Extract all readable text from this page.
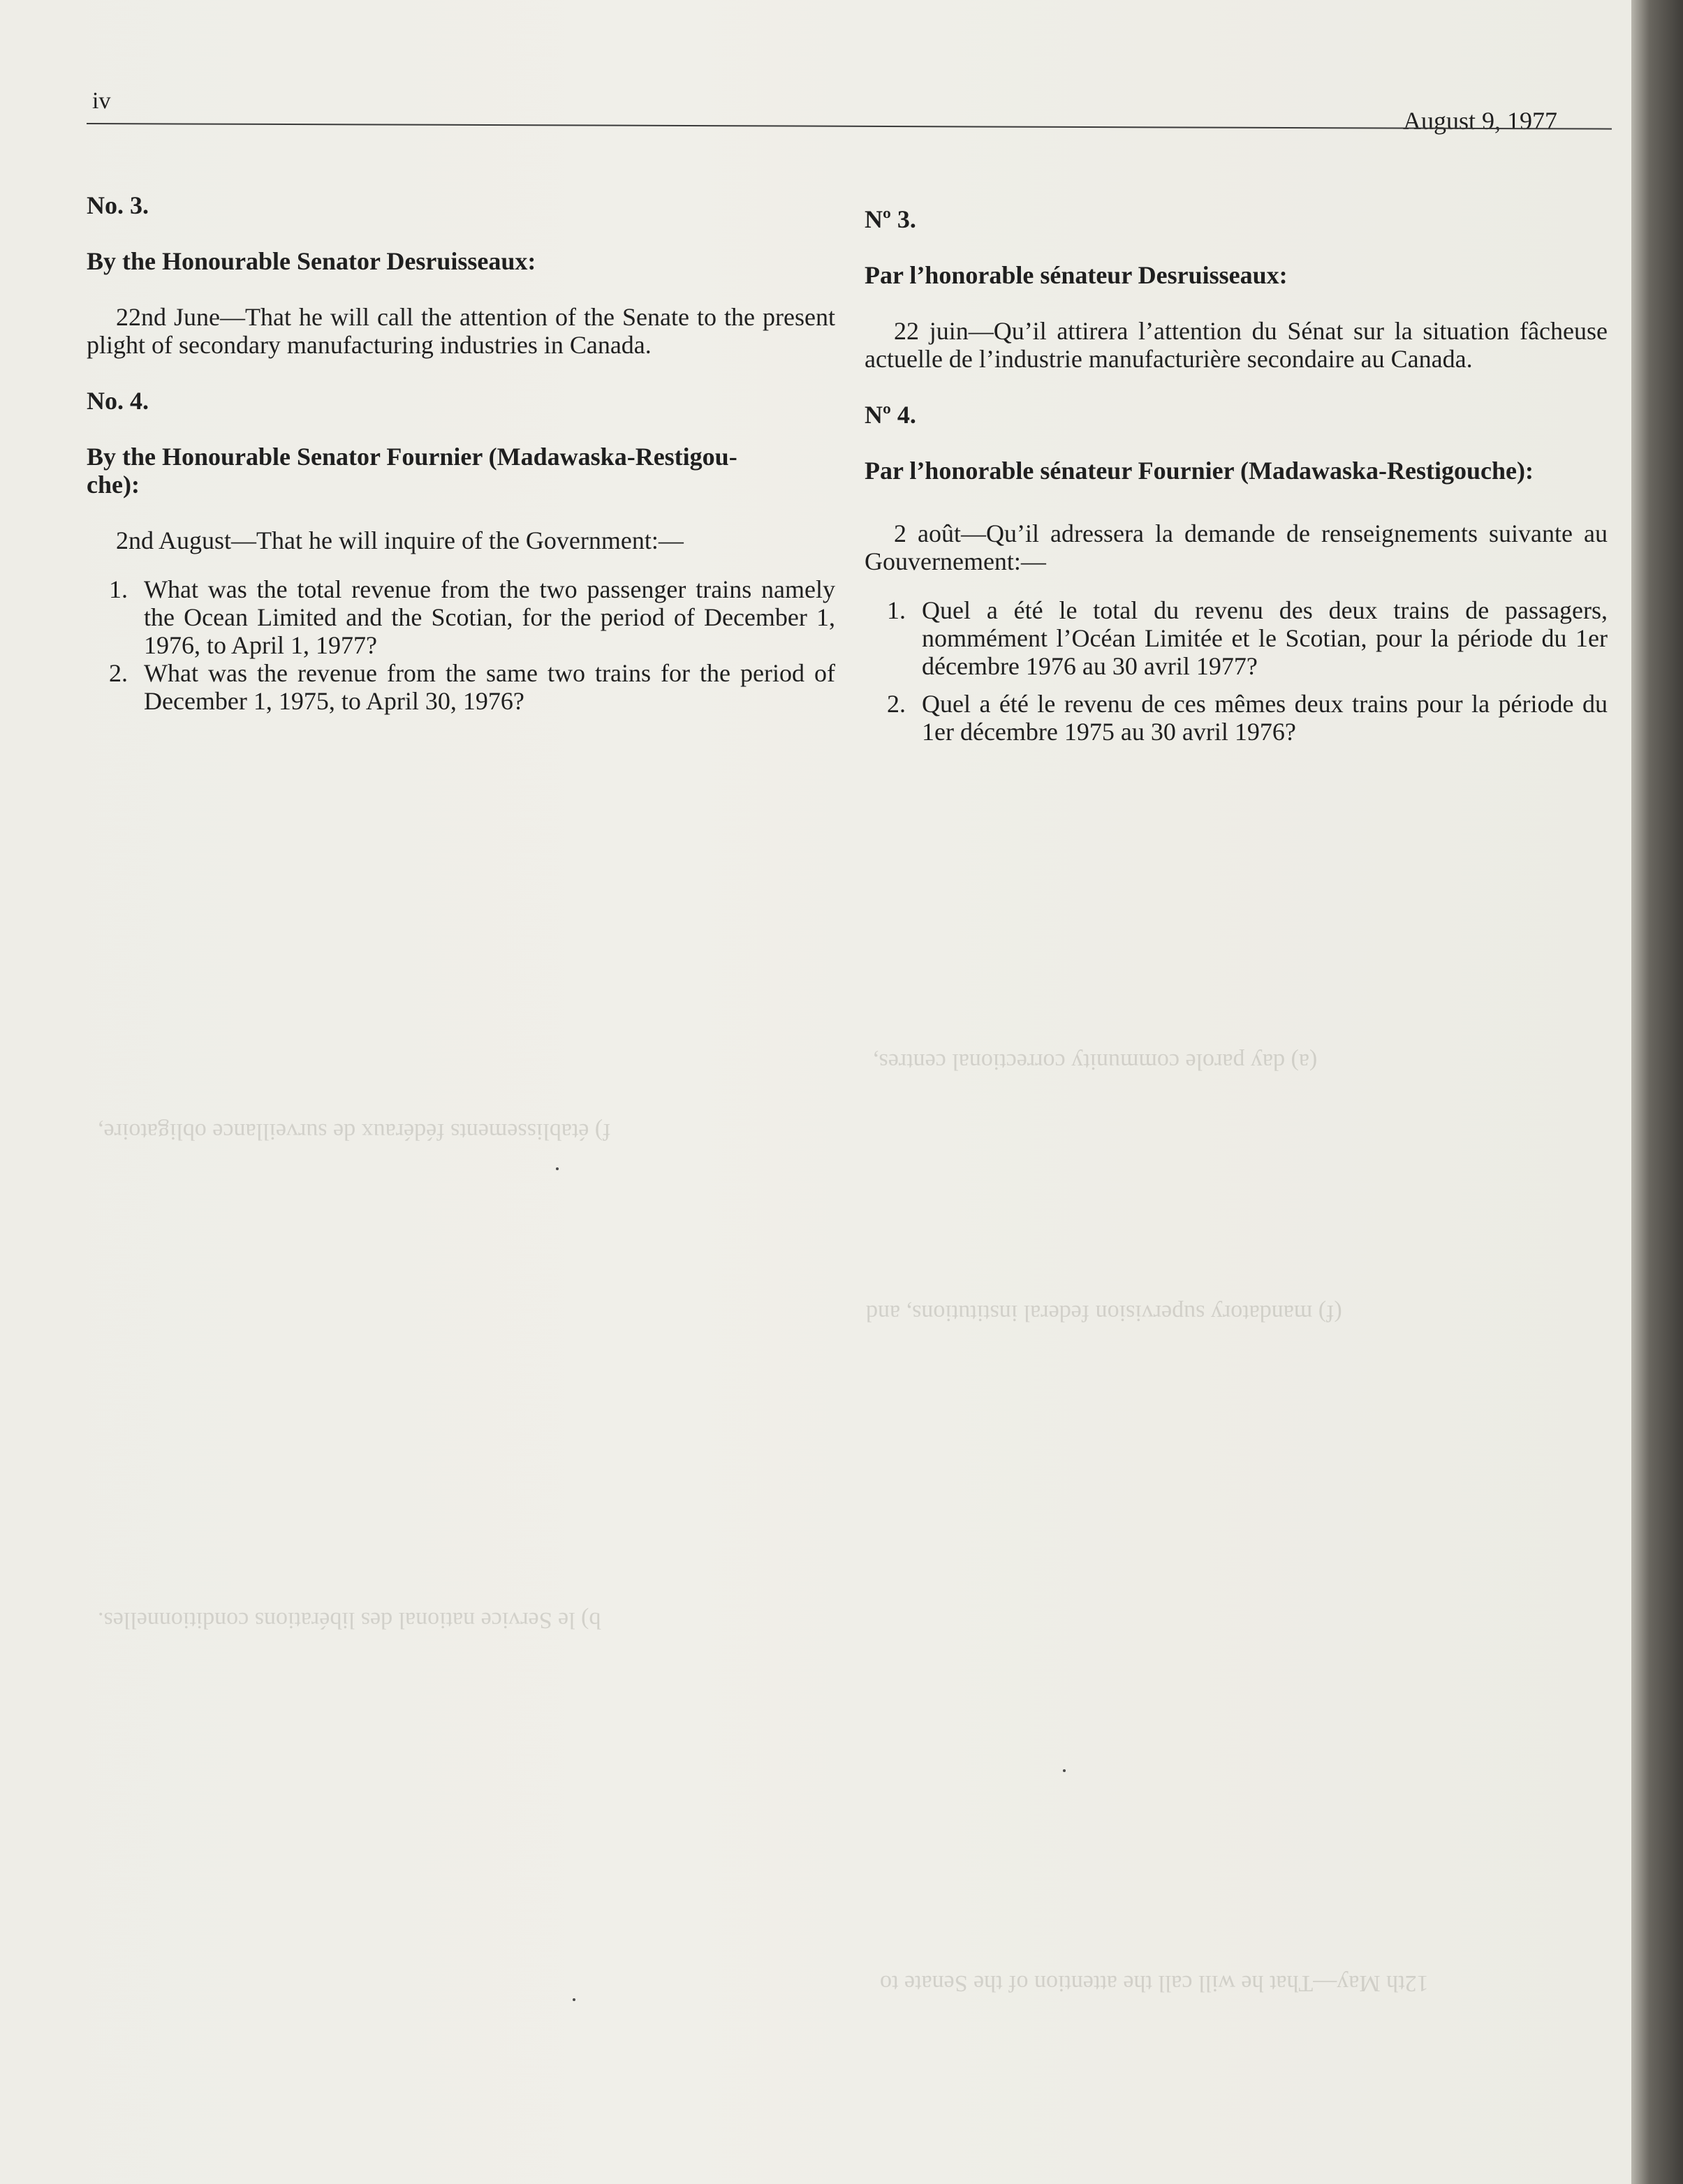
(a) day parole community correctional centres,
(f) mandatory supervision federal institutions, and
f) établissements fédéraux de surveillance obligatoire,
b) le Service national des libérations conditionnelles.
12th May—That he will call the attention of the Senate to
iv
August 9, 1977

No. 3.

By the Honourable Senator Desruisseaux:

22nd June—That he will call the attention of the Senate to the present plight of secondary manufacturing industries in Canada.

No. 4.

By the Honourable Senator Fournier (Madawaska-Restigou-
che):

2nd August—That he will inquire of the Government:—

1. What was the total revenue from the two passenger trains namely the Ocean Limited and the Scotian, for the period of December 1, 1976, to April 1, 1977?
2. What was the revenue from the same two trains for the period of December 1, 1975, to April 30, 1976?

Nº 3.

Par l’honorable sénateur Desruisseaux:

22 juin—Qu’il attirera l’attention du Sénat sur la situation fâcheuse actuelle de l’industrie manufacturière secondaire au Canada.

Nº 4.

Par l’honorable sénateur Fournier (Madawaska-Restigouche):

2 août—Qu’il adressera la demande de renseignements suivante au Gouvernement:—

1. Quel a été le total du revenu des deux trains de passagers, nommément l’Océan Limitée et le Scotian, pour la période du 1er décembre 1976 au 30 avril 1977?
2. Quel a été le revenu de ces mêmes deux trains pour la période du 1er décembre 1975 au 30 avril 1976?
